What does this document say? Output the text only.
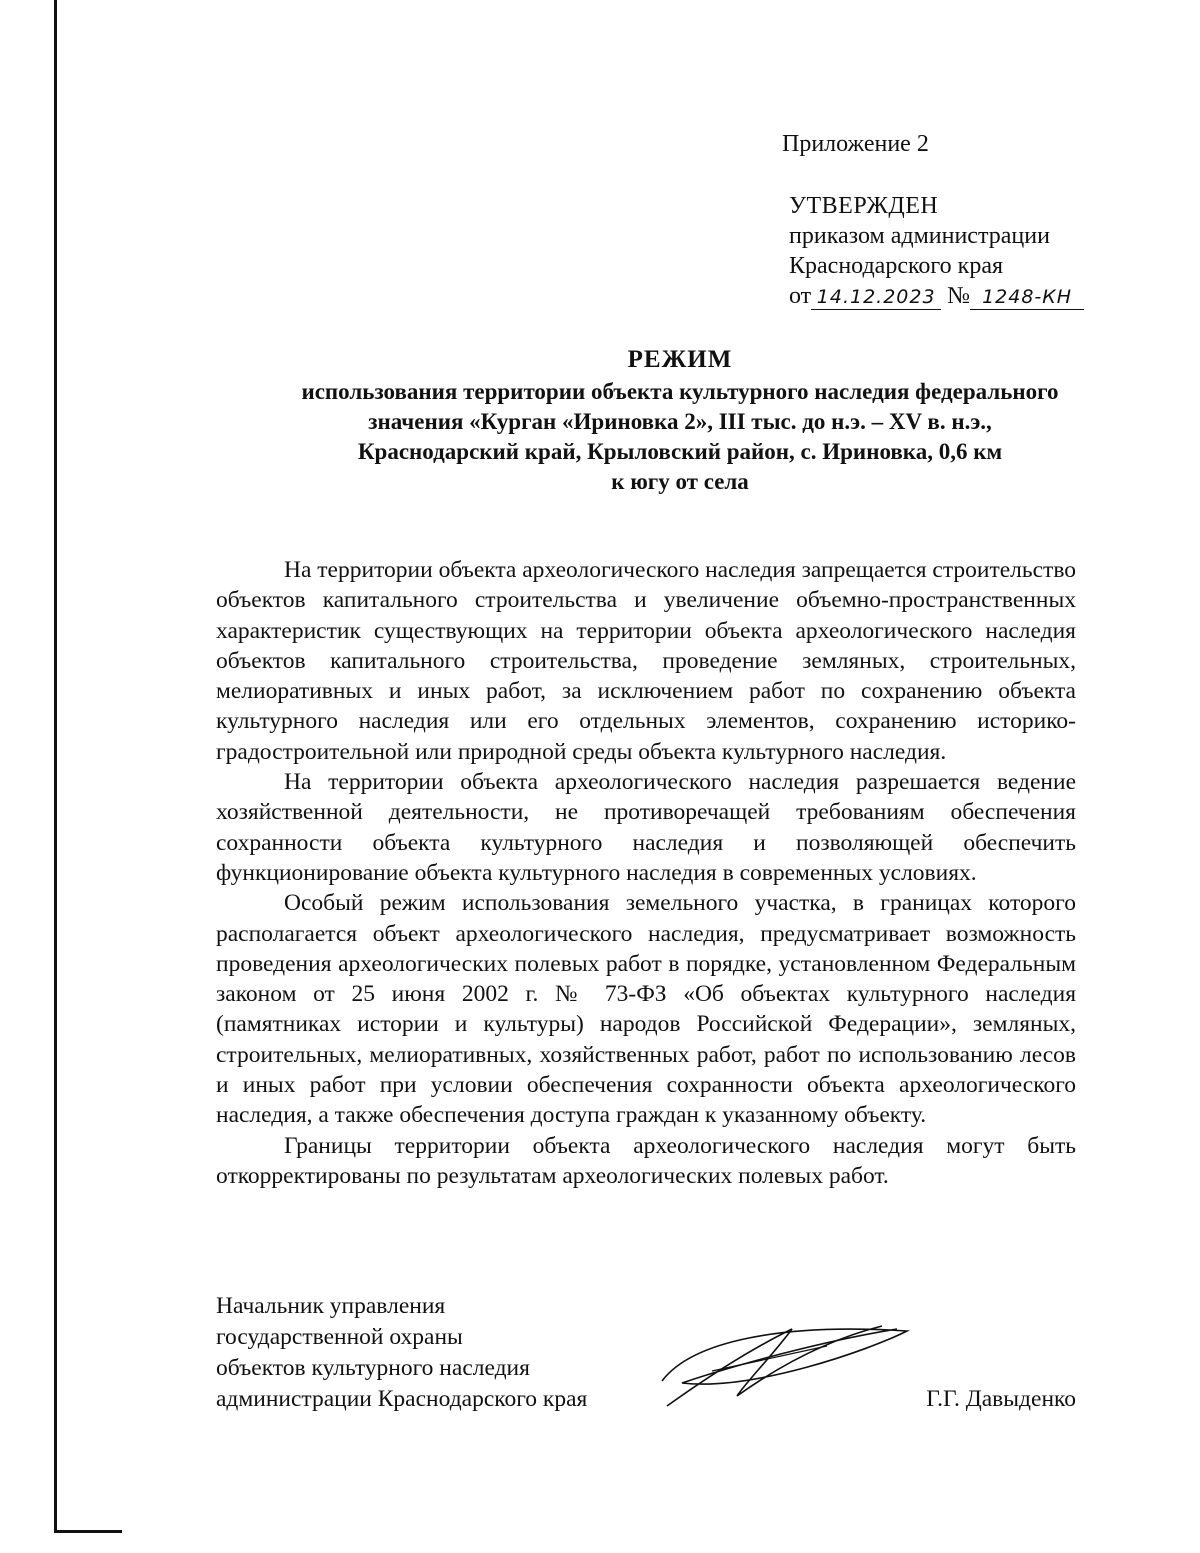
Приложение 2
УТВЕРЖДЕН
приказом администрации
Краснодарского края
от 14.12.2023 № 1248-КН
РЕЖИМ
использования территории объекта культурного наследия федерального
значения «Курган «Ириновка 2», III тыс. до н.э. – XV в. н.э.,
Краснодарский край, Крыловский район, с. Ириновка, 0,6 км
к югу от села

На территории объекта археологического наследия запрещается строительство объектов капитального строительства и увеличение объемно-пространственных характеристик существующих на территории объекта археологического наследия объектов капитального строительства, проведение земляных, строительных, мелиоративных и иных работ, за исключением работ по сохранению объекта культурного наследия или его отдельных элементов, сохранению историко-градостроительной или природной среды объекта культурного наследия.

На территории объекта археологического наследия разрешается ведение хозяйственной деятельности, не противоречащей требованиям обеспечения сохранности объекта культурного наследия и позволяющей обеспечить функционирование объекта культурного наследия в современных условиях.

Особый режим использования земельного участка, в границах которого располагается объект археологического наследия, предусматривает возможность проведения археологических полевых работ в порядке, установленном Федеральным законом от 25 июня 2002 г. № 73-ФЗ «Об объектах культурного наследия (памятниках истории и культуры) народов Российской Федерации», земляных, строительных, мелиоративных, хозяйственных работ, работ по использованию лесов и иных работ при условии обеспечения сохранности объекта археологического наследия, а также обеспечения доступа граждан к указанному объекту.

Границы территории объекта археологического наследия могут быть откорректированы по результатам археологических полевых работ.

Начальник управления
государственной охраны
объектов культурного наследия
администрации Краснодарского края	Г.Г. Давыденко
